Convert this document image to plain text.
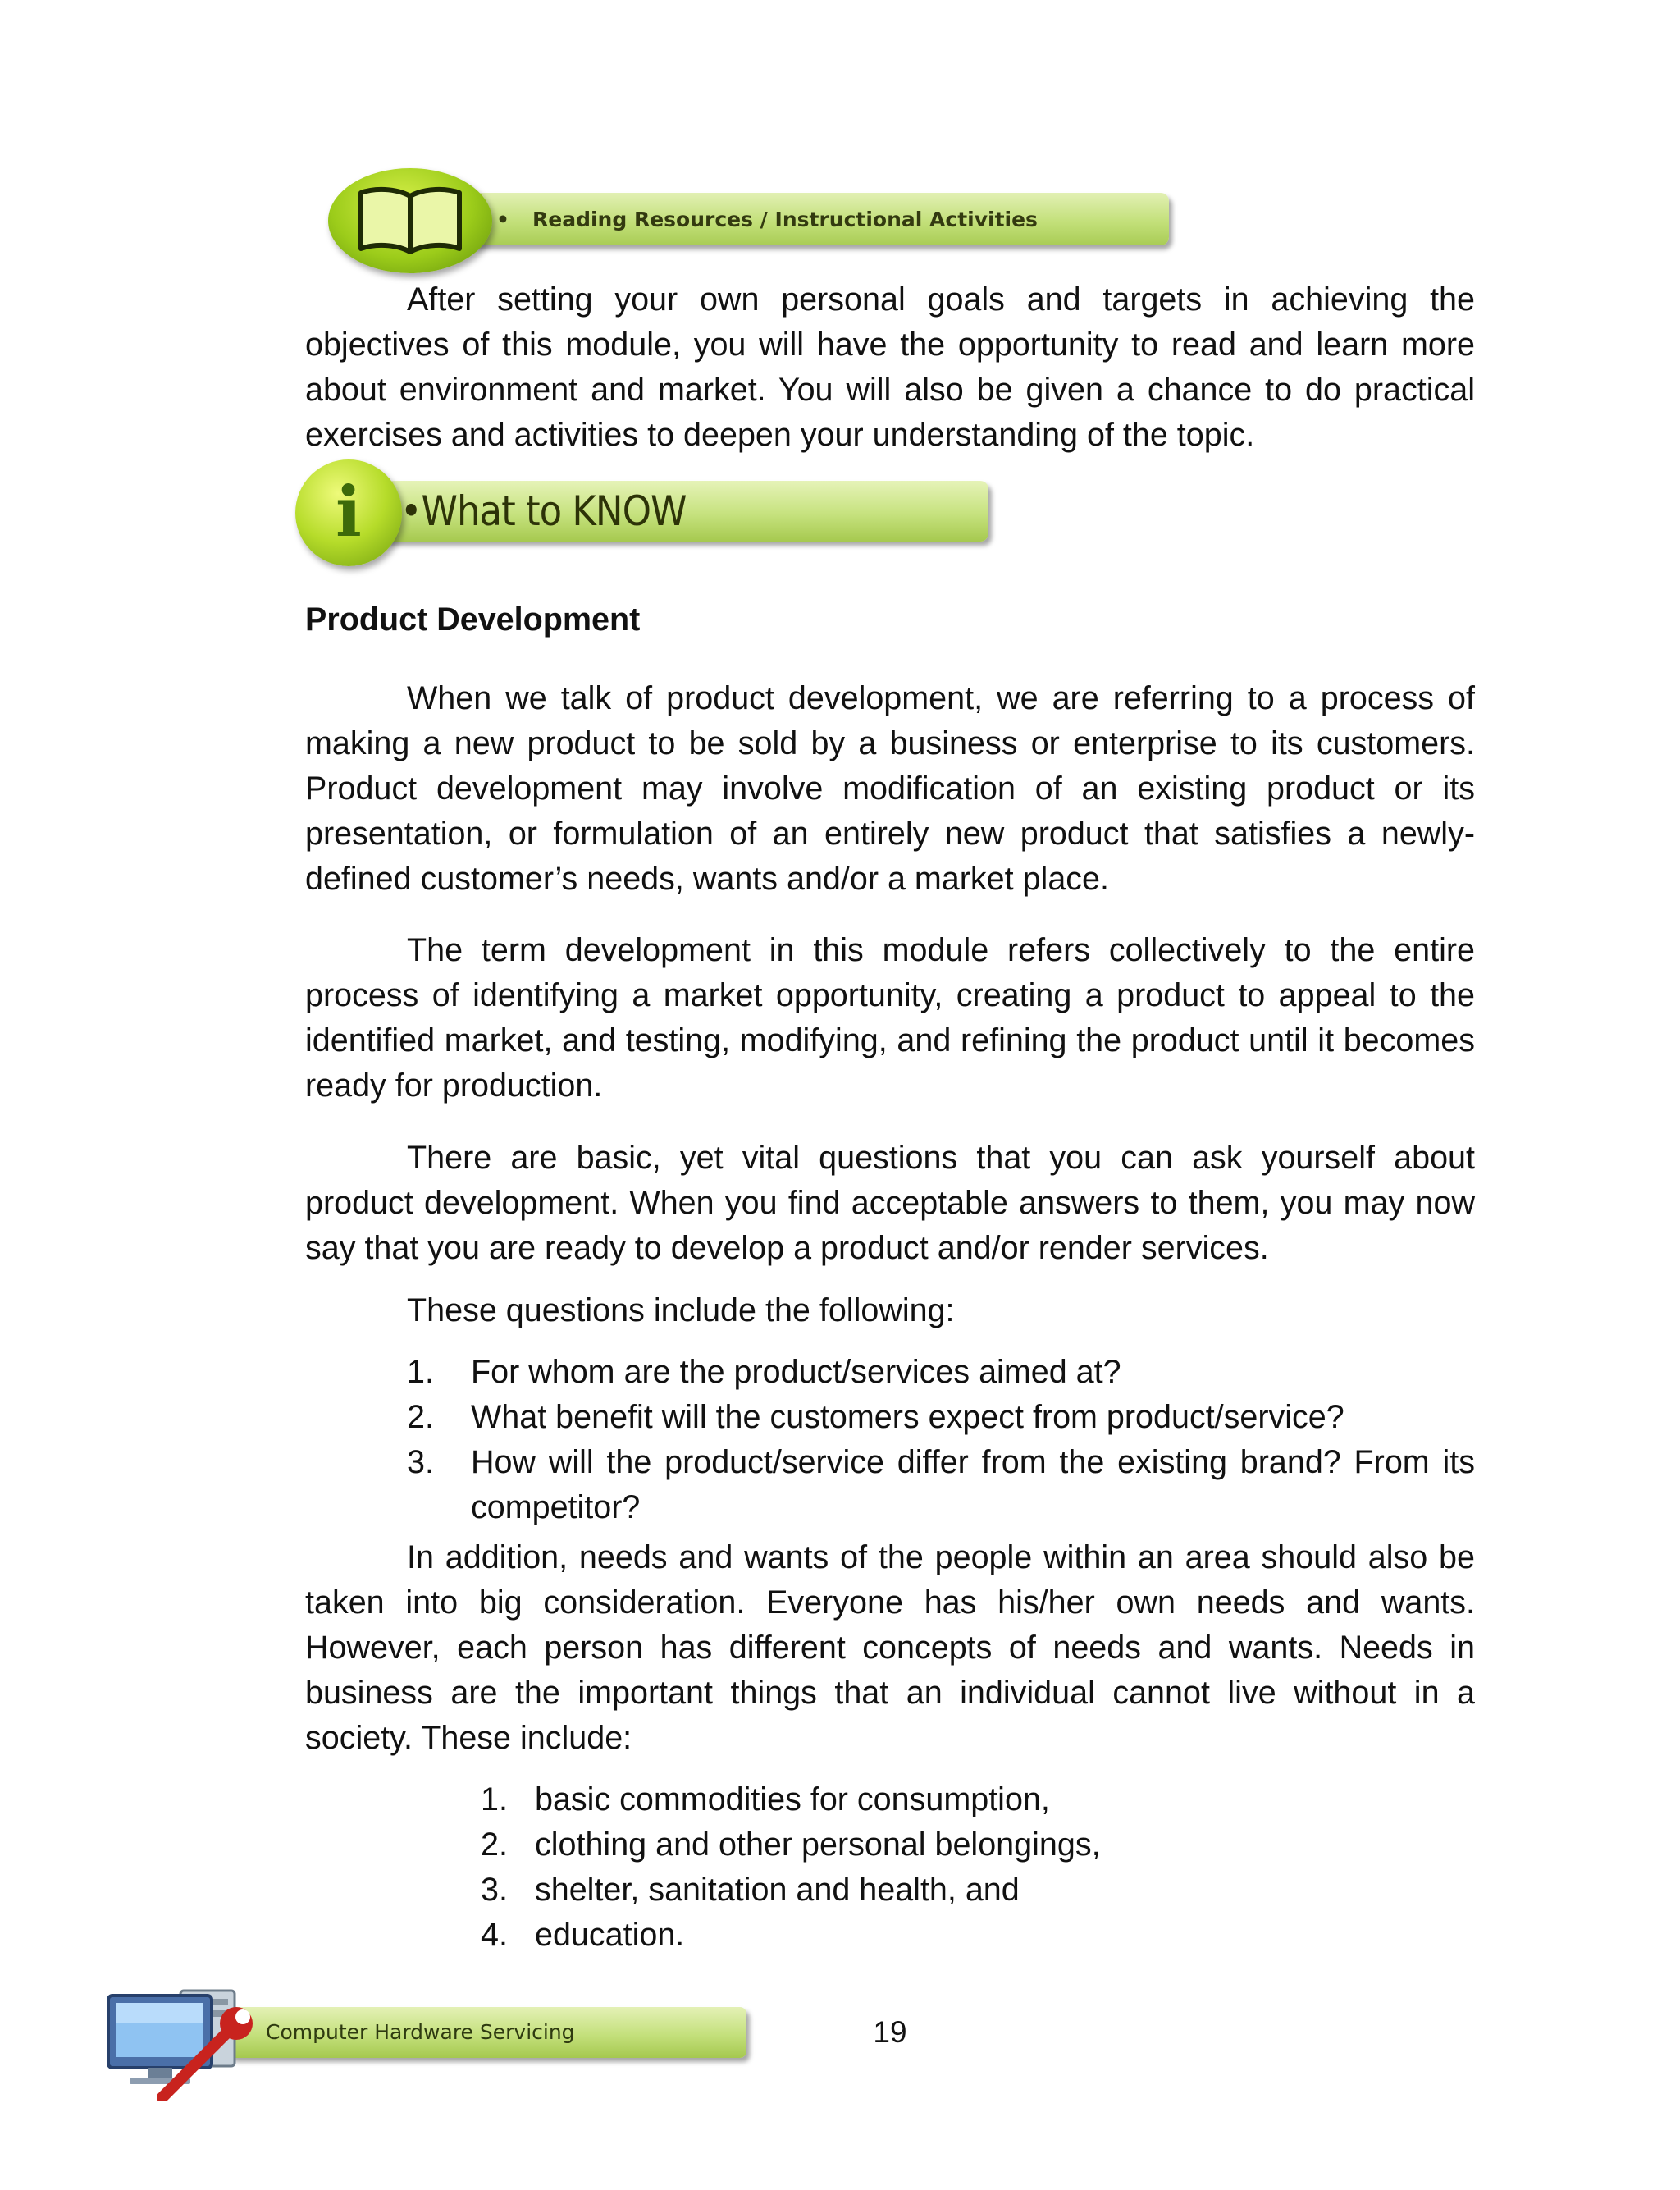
• Reading Resources / Instructional Activities

After setting your own personal goals and targets in achieving the objectives of this module, you will have the opportunity to read and learn more about environment and market. You will also be given a chance to do practical exercises and activities to deepen your understanding of the topic.

i •What to KNOW

Product Development

When we talk of product development, we are referring to a process of making a new product to be sold by a business or enterprise to its customers. Product development may involve modification of an existing product or its presentation, or formulation of an entirely new product that satisfies a newly-defined customer’s needs, wants and/or a market place.

The term development in this module refers collectively to the entire process of identifying a market opportunity, creating a product to appeal to the identified market, and testing, modifying, and refining the product until it becomes ready for production.

There are basic, yet vital questions that you can ask yourself about product development. When you find acceptable answers to them, you may now say that you are ready to develop a product and/or render services.

These questions include the following:

1. For whom are the product/services aimed at?
2. What benefit will the customers expect from product/service?
3. How will the product/service differ from the existing brand? From its competitor?

In addition, needs and wants of the people within an area should also be taken into big consideration. Everyone has his/her own needs and wants. However, each person has different concepts of needs and wants. Needs in business are the important things that an individual cannot live without in a society. These include:

1. basic commodities for consumption,
2. clothing and other personal belongings,
3. shelter, sanitation and health, and
4. education.
Computer Hardware Servicing	19
